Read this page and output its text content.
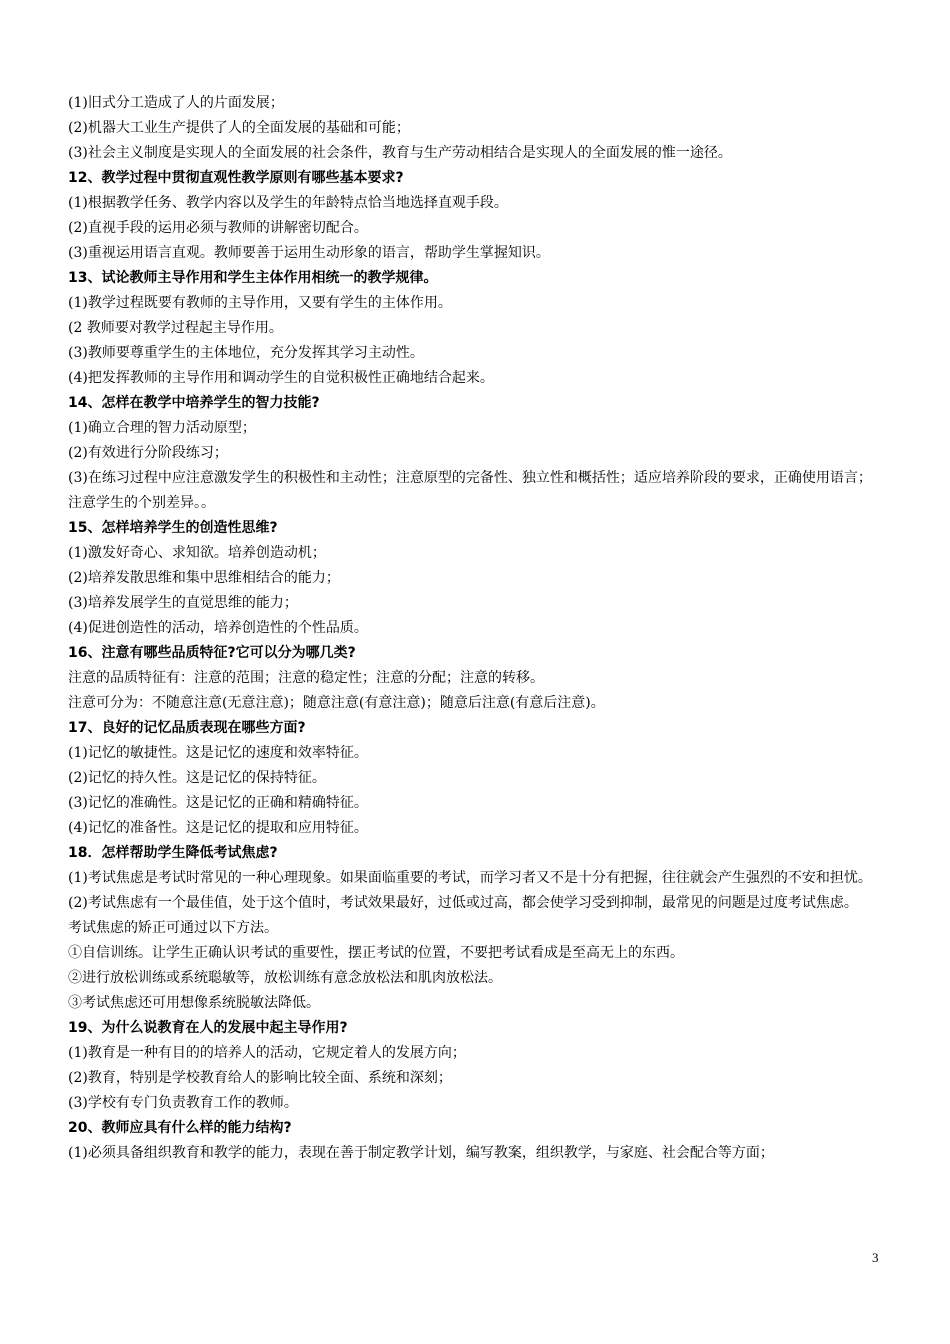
(1)旧式分工造成了人的片面发展；
(2)机器大工业生产提供了人的全面发展的基础和可能；
(3)社会主义制度是实现人的全面发展的社会条件，教育与生产劳动相结合是实现人的全面发展的惟一途径。
12、教学过程中贯彻直观性教学原则有哪些基本要求?
(1)根据教学任务、教学内容以及学生的年龄特点恰当地选择直观手段。
(2)直视手段的运用必须与教师的讲解密切配合。
(3)重视运用语言直观。教师要善于运用生动形象的语言，帮助学生掌握知识。
13、试论教师主导作用和学生主体作用相统一的教学规律。
(1)教学过程既要有教师的主导作用，又要有学生的主体作用。
(2 教师要对教学过程起主导作用。
(3)教师要尊重学生的主体地位，充分发挥其学习主动性。
(4)把发挥教师的主导作用和调动学生的自觉积极性正确地结合起来。
14、怎样在教学中培养学生的智力技能?
(1)确立合理的智力活动原型；
(2)有效进行分阶段练习；
(3)在练习过程中应注意激发学生的积极性和主动性；注意原型的完备性、独立性和概括性；适应培养阶段的要求，正确使用语言；注意学生的个别差异。。
15、怎样培养学生的创造性思维?
(1)激发好奇心、求知欲。培养创造动机；
(2)培养发散思维和集中思维相结合的能力；
(3)培养发展学生的直觉思维的能力；
(4)促进创造性的活动，培养创造性的个性品质。
16、注意有哪些品质特征?它可以分为哪几类?
注意的品质特征有：注意的范围；注意的稳定性；注意的分配；注意的转移。
注意可分为：不随意注意(无意注意)；随意注意(有意注意)；随意后注意(有意后注意)。
17、良好的记忆品质表现在哪些方面?
(1)记忆的敏捷性。这是记忆的速度和效率特征。
(2)记忆的持久性。这是记忆的保持特征。
(3)记忆的准确性。这是记忆的正确和精确特征。
(4)记忆的准备性。这是记忆的提取和应用特征。
18．怎样帮助学生降低考试焦虑?
(1)考试焦虑是考试时常见的一种心理现象。如果面临重要的考试，而学习者又不是十分有把握，往往就会产生强烈的不安和担忧。
(2)考试焦虑有一个最佳值，处于这个值时，考试效果最好，过低或过高，都会使学习受到抑制，最常见的问题是过度考试焦虑。
考试焦虑的矫正可通过以下方法。
①自信训练。让学生正确认识考试的重要性，摆正考试的位置，不要把考试看成是至高无上的东西。
②进行放松训练或系统聪敏等，放松训练有意念放松法和肌肉放松法。
③考试焦虑还可用想像系统脱敏法降低。
19、为什么说教育在人的发展中起主导作用?
(1)教育是一种有目的的培养人的活动，它规定着人的发展方向；
(2)教育，特别是学校教育给人的影响比较全面、系统和深刻；
(3)学校有专门负责教育工作的教师。
20、教师应具有什么样的能力结构?
(1)必须具备组织教育和教学的能力，表现在善于制定教学计划，编写教案，组织教学，与家庭、社会配合等方面；
3
